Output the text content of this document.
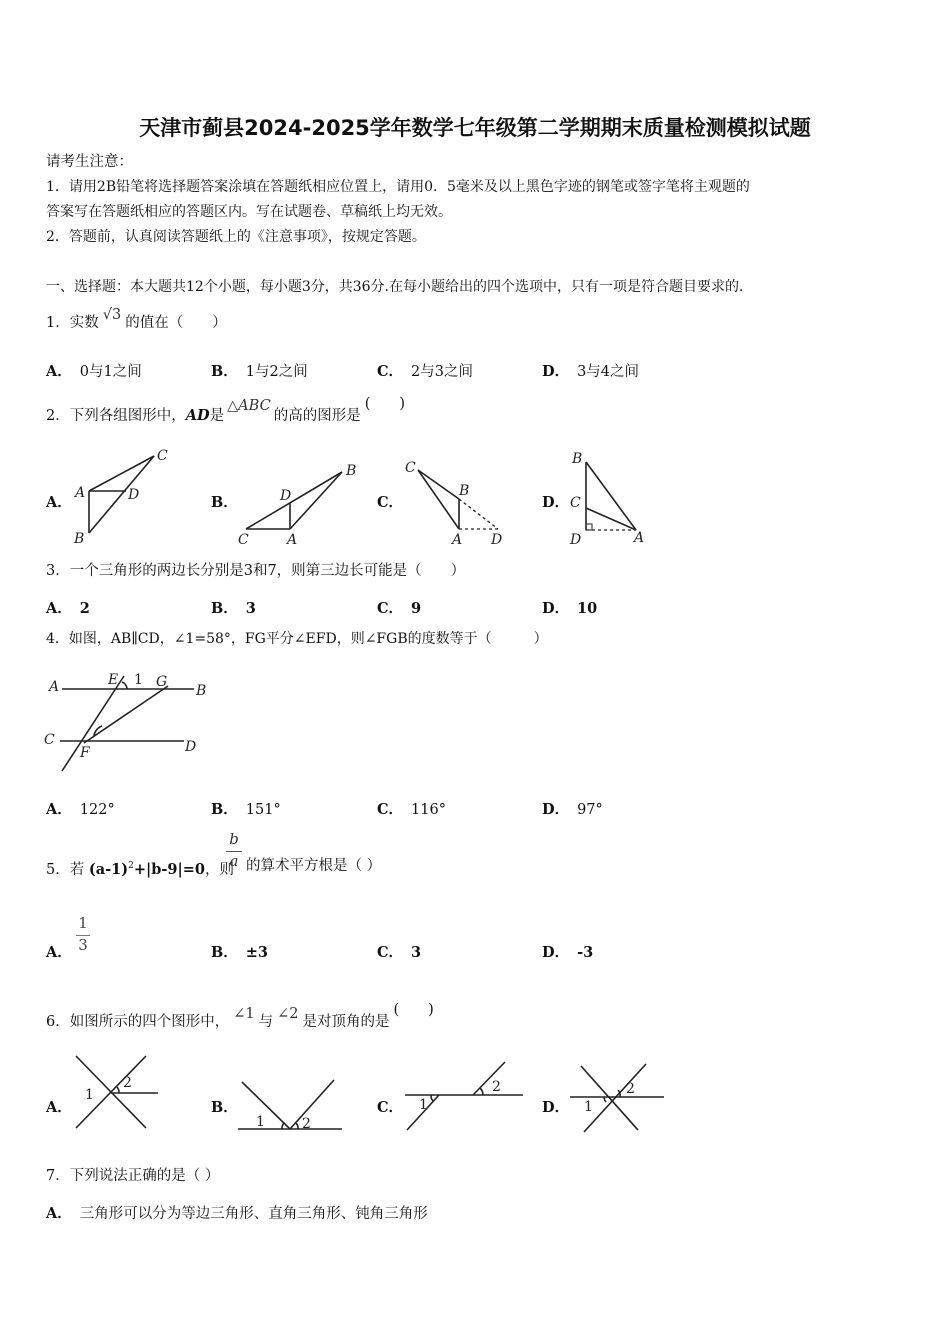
天津市蓟县2024-2025学年数学七年级第二学期期末质量检测模拟试题
请考生注意：
1．请用2B铅笔将选择题答案涂填在答题纸相应位置上，请用0．5毫米及以上黑色字迹的钢笔或签字笔将主观题的
答案写在答题纸相应的答题区内。写在试题卷、草稿纸上均无效。
2．答题前，认真阅读答题纸上的《注意事项》，按规定答题。
一、选择题：本大题共12个小题，每小题3分，共36分.在每小题给出的四个选项中，只有一项是符合题目要求的.
1．实数 √3 的值在（　　）
A． 0与1之间	B． 1与2之间	C． 2与3之间	D． 3与4之间
2．下列各组图形中，AD是△ABC的高的图形是(　　)
A．	B．	C．	D．
C
A	D
B
B
D
C	A
C
B
A D
B
C
D	A
3．一个三角形的两边长分别是3和7，则第三边长可能是（　　）
A． 2	B． 3	C． 9	D． 10
4．如图，AB∥CD，∠1=58°，FG平分∠EFD，则∠FGB的度数等于（　　　）
A	E 1 G
B
C
F	D
A． 122°	B． 151°	C． 116°	D． 97°
5．若 $(a-1)^2+|b-9|=0$，则
b
a 的算术平方根是（ ）
A．
1
3	B． ±3	C． 3	D． -3
6．如图所示的四个图形中， ∠1 与 ∠2 是对顶角的是(　　)
A．	B．	C．	D．
1
2
1	2
1
2
1
2
7．下列说法正确的是（ ）
A． 三角形可以分为等边三角形、直角三角形、钝角三角形
